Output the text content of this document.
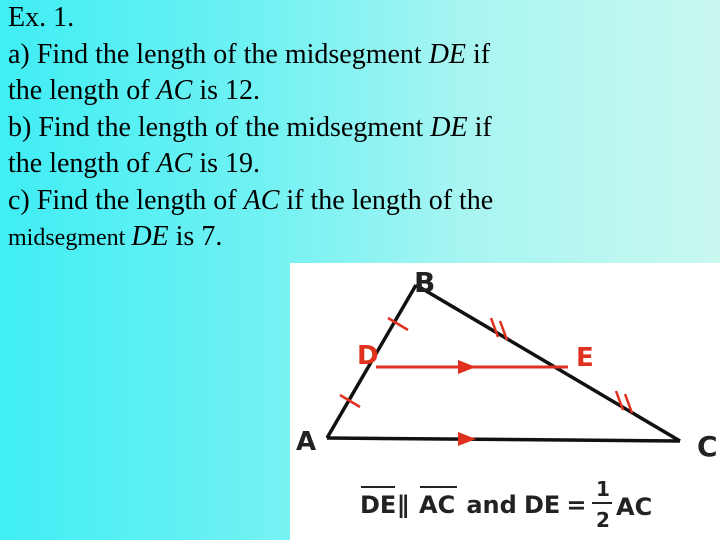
Ex. 1.
a) Find the length of the midsegment DE if
the length of AC is 12.
b) Find the length of the midsegment DE if
the length of AC is 19.
c) Find the length of AC if the length of the
midsegment DE is 7.
B
A	C
D	E
DE ∥ AC and
DE
=
1
2 AC
